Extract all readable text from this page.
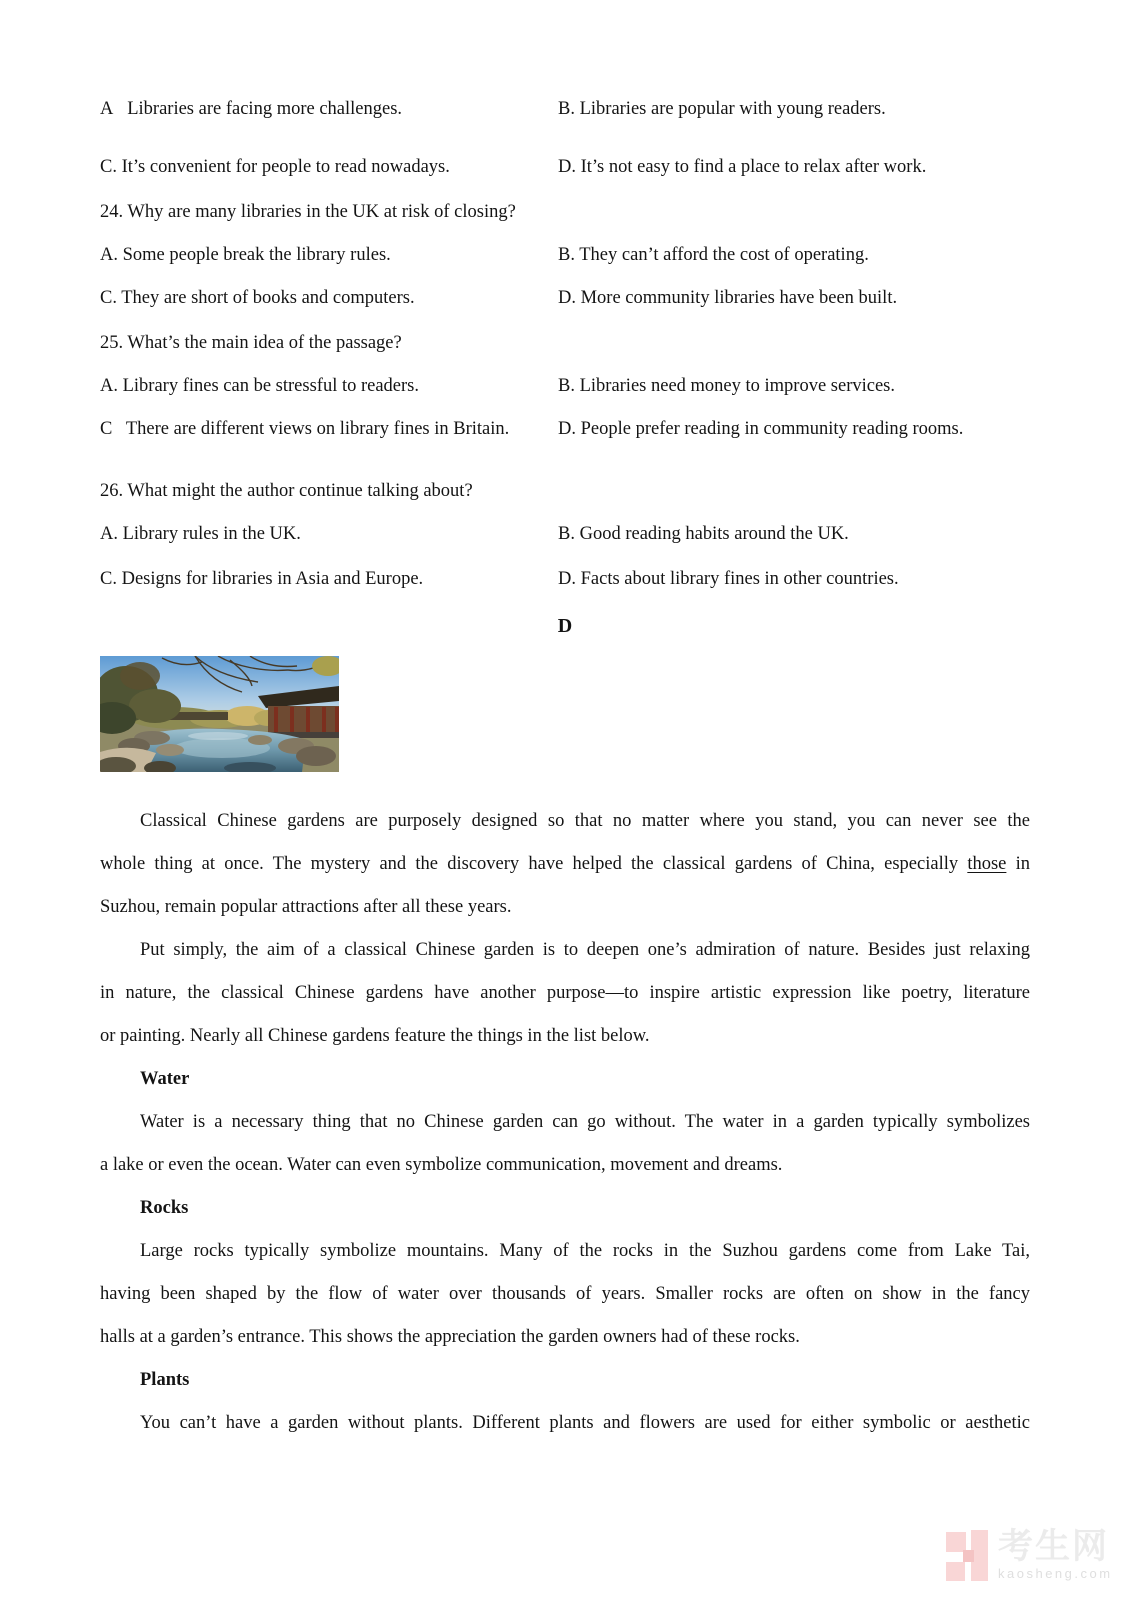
A   Libraries are facing more challenges.	B. Libraries are popular with young readers.
C. It’s convenient for people to read nowadays.	D. It’s not easy to find a place to relax after work.
24. Why are many libraries in the UK at risk of closing?
A. Some people break the library rules.	B. They can’t afford the cost of operating.
C. They are short of books and computers.	D. More community libraries have been built.
25. What’s the main idea of the passage?
A. Library fines can be stressful to readers.	B. Libraries need money to improve services.
C   There are different views on library fines in Britain.	D. People prefer reading in community reading rooms.
26. What might the author continue talking about?
A. Library rules in the UK.	B. Good reading habits around the UK.
C. Designs for libraries in Asia and Europe.	D. Facts about library fines in other countries.
D
Classical Chinese gardens are purposely designed so that no matter where you stand, you can never see the
whole thing at once. The mystery and the discovery have helped the classical gardens of China, especially those in
Suzhou, remain popular attractions after all these years.
Put simply, the aim of a classical Chinese garden is to deepen one’s admiration of nature. Besides just relaxing
in nature, the classical Chinese gardens have another purpose—to inspire artistic expression like poetry, literature
or painting. Nearly all Chinese gardens feature the things in the list below.
Water
Water is a necessary thing that no Chinese garden can go without. The water in a garden typically symbolizes
a lake or even the ocean. Water can even symbolize communication, movement and dreams.
Rocks
Large rocks typically symbolize mountains. Many of the rocks in the Suzhou gardens come from Lake Tai,
having been shaped by the flow of water over thousands of years. Smaller rocks are often on show in the fancy
halls at a garden’s entrance. This shows the appreciation the garden owners had of these rocks.
Plants
You can’t have a garden without plants. Different plants and flowers are used for either symbolic or aesthetic
考生网
kaosheng.com
